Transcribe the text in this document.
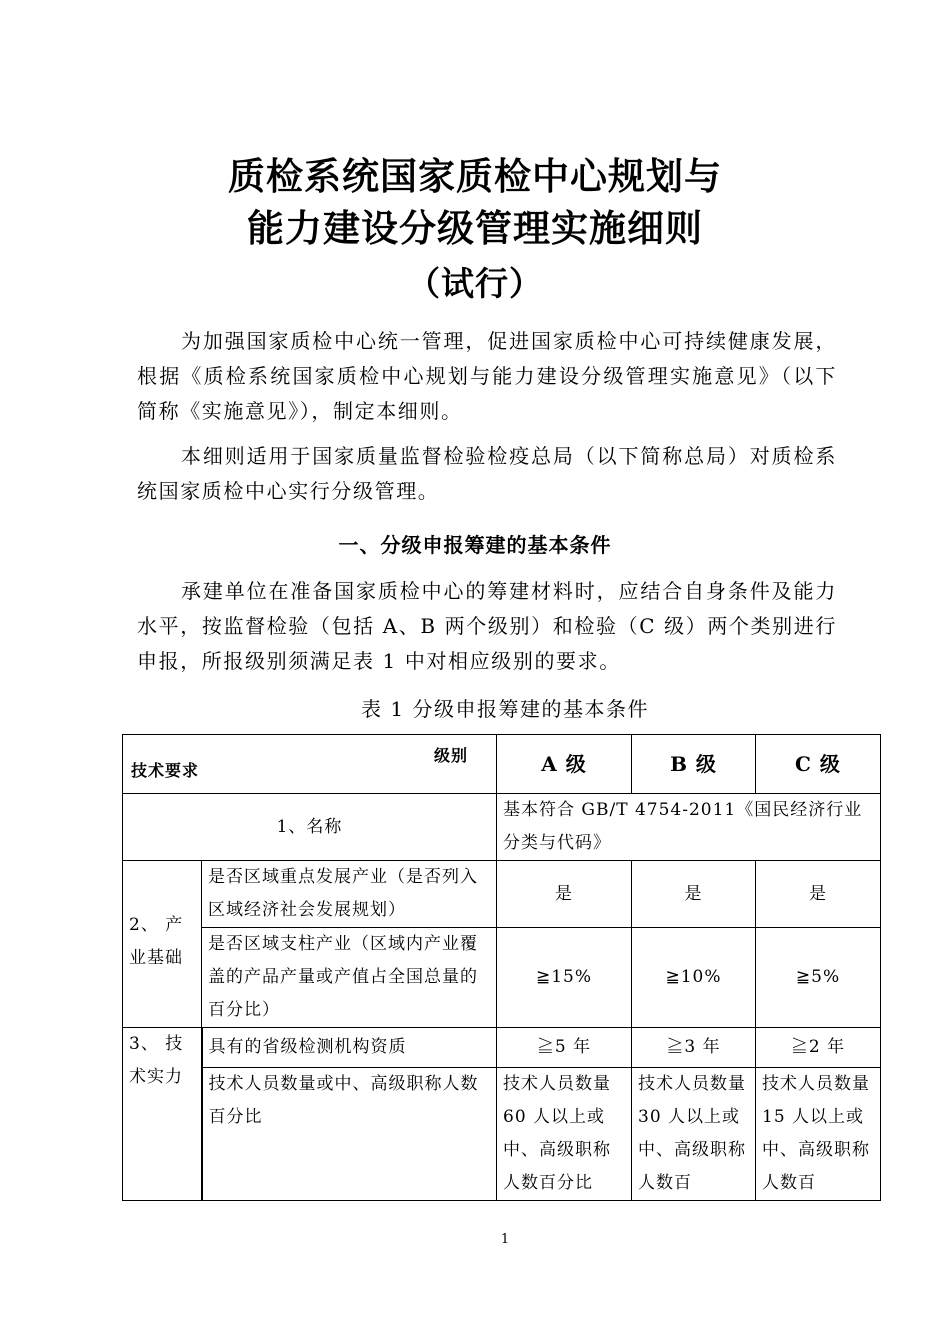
质检系统国家质检中心规划与
能力建设分级管理实施细则
（试行）
为加强国家质检中心统一管理，促进国家质检中心可持续健康发展，根据《质检系统国家质检中心规划与能力建设分级管理实施意见》（以下简称《实施意见》），制定本细则。
本细则适用于国家质量监督检验检疫总局（以下简称总局）对质检系统国家质检中心实行分级管理。
一、分级申报筹建的基本条件
承建单位在准备国家质检中心的筹建材料时，应结合自身条件及能力水平，按监督检验（包括 A、B 两个级别）和检验（C 级）两个类别进行申报，所报级别须满足表 1 中对相应级别的要求。
表 1 分级申报筹建的基本条件
级别
技术要求		A 级	B 级	C 级
1、名称		基本符合 GB/T 4754-2011《国民经济行业分类与代码》		
2、 产业基础	是否区域重点发展产业（是否列入区域经济社会发展规划）	是	是	是
	是否区域支柱产业（区域内产业覆盖的产品产量或产值占全国总量的百分比）	≧15%	≧10%	≧5%
3、 技术实力	具有的省级检测机构资质	≧5 年	≧3 年	≧2 年
	技术人员数量或中、高级职称人数百分比	技术人员数量 60 人以上或中、高级职称人数百分比	技术人员数量 30 人以上或中、高级职称人数百	技术人员数量 15 人以上或中、高级职称人数百
1
